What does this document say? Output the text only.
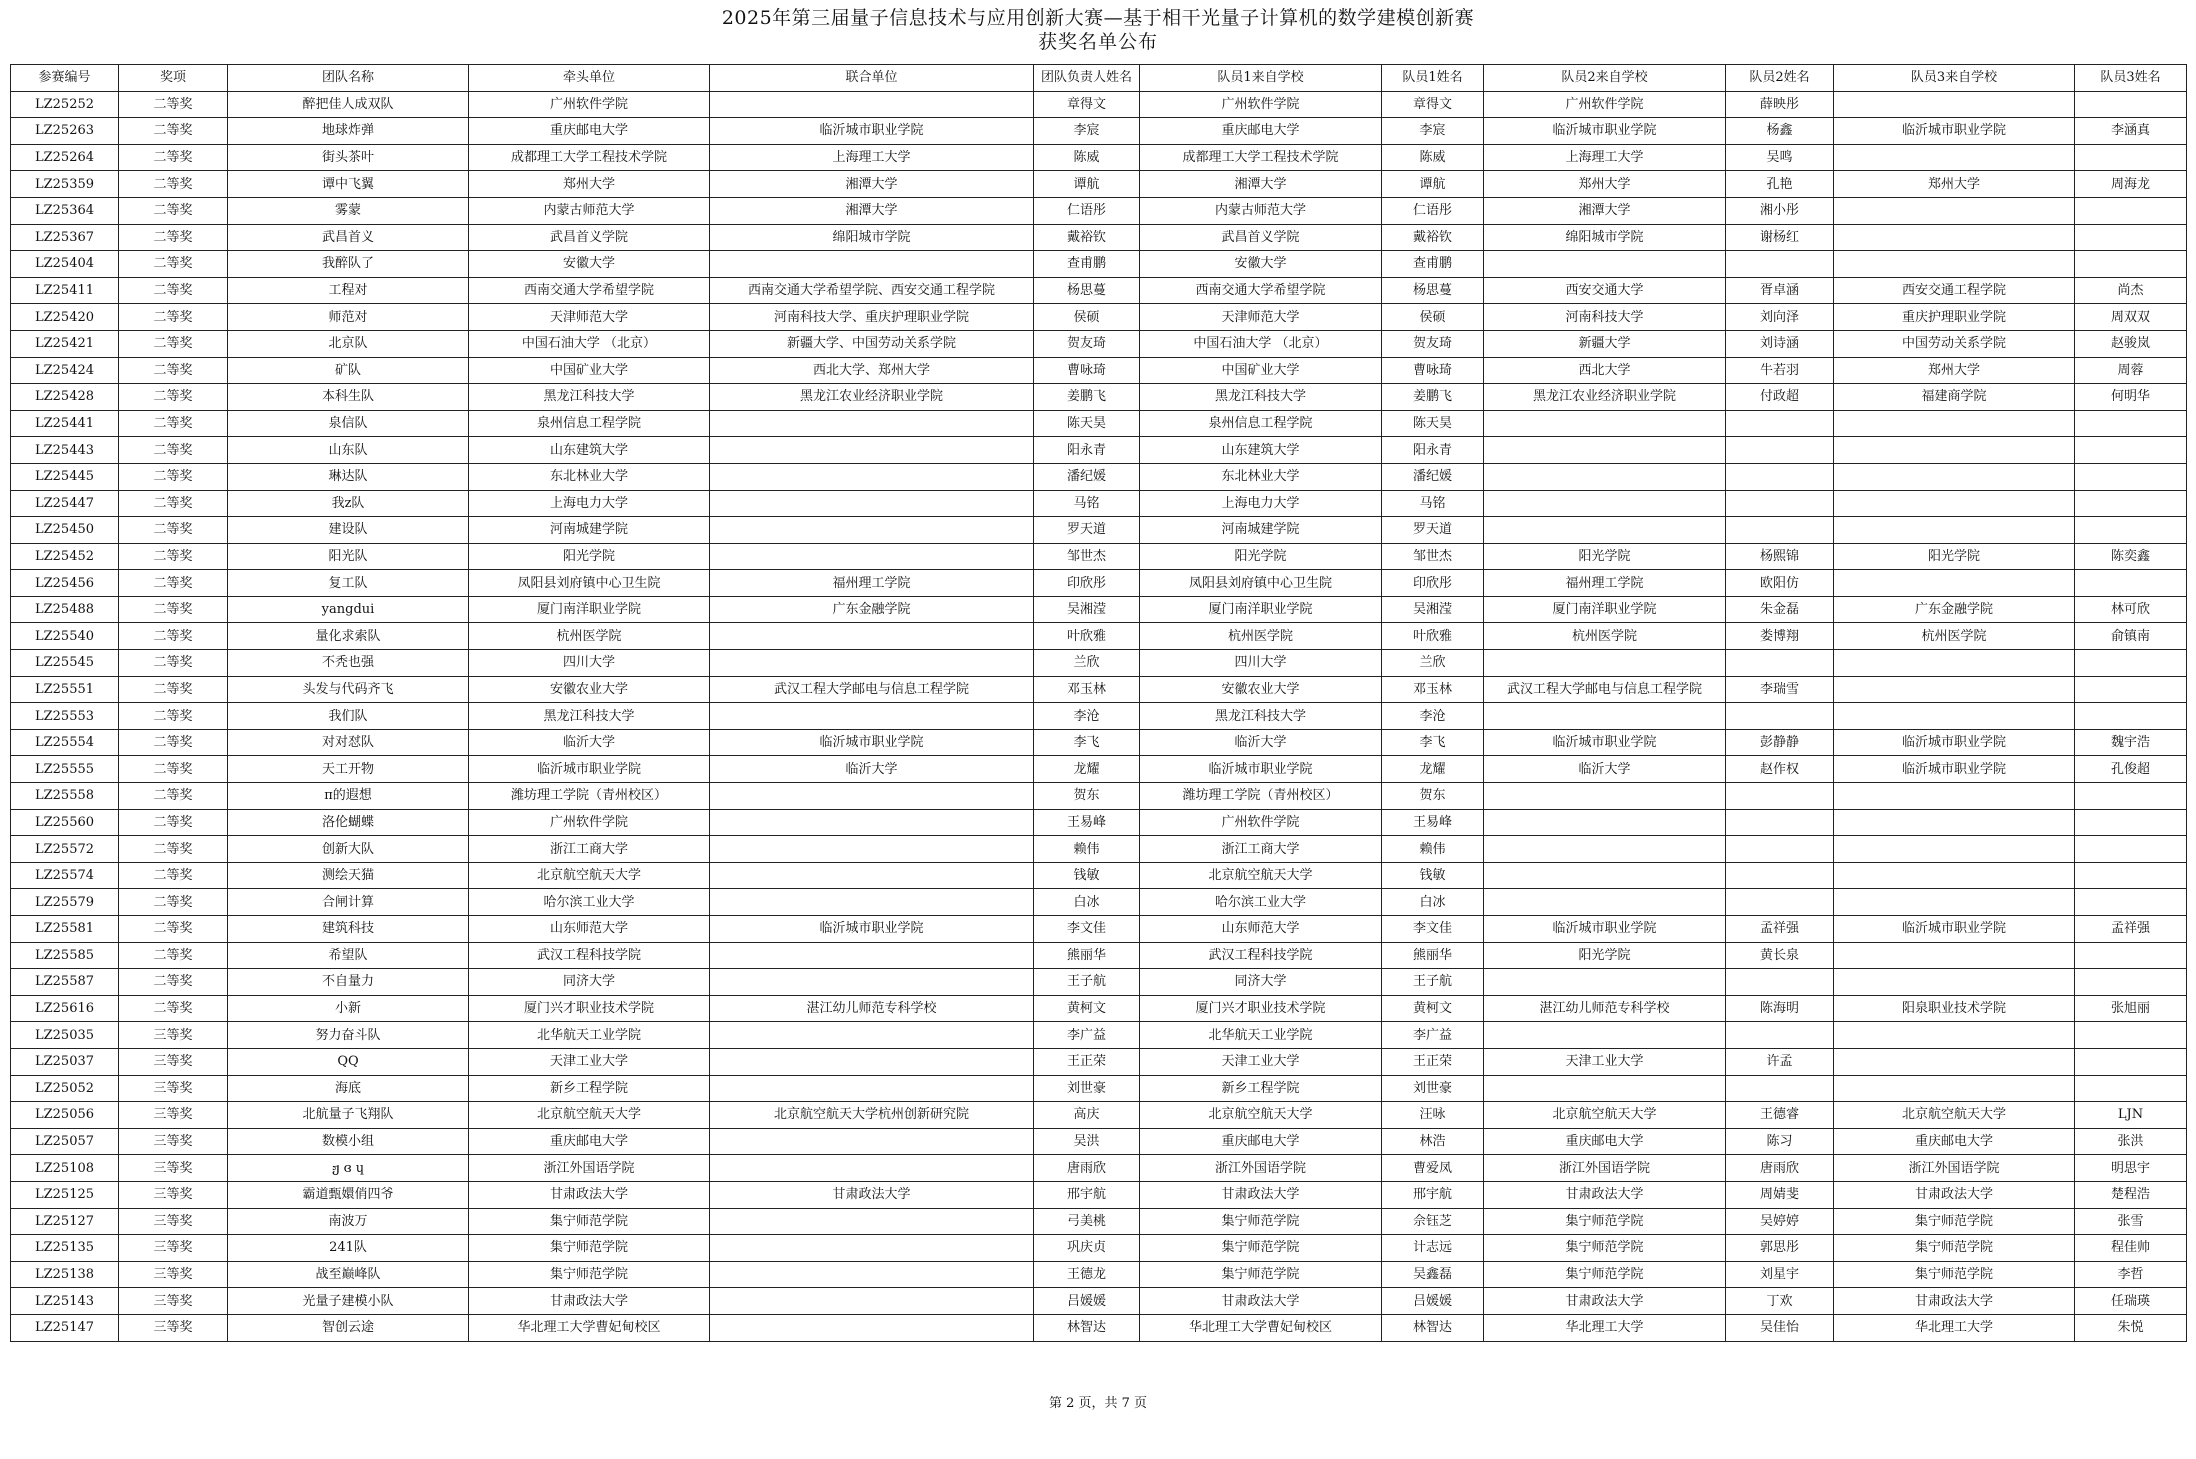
2025年第三届量子信息技术与应用创新大赛—基于相干光量子计算机的数学建模创新赛
获奖名单公布
参赛编号	奖项	团队名称	牵头单位	联合单位	团队负责人姓名	队员1来自学校	队员1姓名	队员2来自学校	队员2姓名	队员3来自学校	队员3姓名
LZ25252	二等奖	醉把佳人成双队	广州软件学院		章得文	广州软件学院	章得文	广州软件学院	薛映彤		
LZ25263	二等奖	地球炸弹	重庆邮电大学	临沂城市职业学院	李宸	重庆邮电大学	李宸	临沂城市职业学院	杨鑫	临沂城市职业学院	李涵真
LZ25264	二等奖	街头茶叶	成都理工大学工程技术学院	上海理工大学	陈威	成都理工大学工程技术学院	陈威	上海理工大学	吴鸣		
LZ25359	二等奖	谭中飞翼	郑州大学	湘潭大学	谭航	湘潭大学	谭航	郑州大学	孔艳	郑州大学	周海龙
LZ25364	二等奖	雾蒙	内蒙古师范大学	湘潭大学	仁语彤	内蒙古师范大学	仁语彤	湘潭大学	湘小彤		
LZ25367	二等奖	武昌首义	武昌首义学院	绵阳城市学院	戴裕钦	武昌首义学院	戴裕钦	绵阳城市学院	谢杨红		
LZ25404	二等奖	我醉队了	安徽大学		查甫鹏	安徽大学	查甫鹏				
LZ25411	二等奖	工程对	西南交通大学希望学院	西南交通大学希望学院、西安交通工程学院	杨思蔓	西南交通大学希望学院	杨思蔓	西安交通大学	胥卓涵	西安交通工程学院	尚杰
LZ25420	二等奖	师范对	天津师范大学	河南科技大学、重庆护理职业学院	侯硕	天津师范大学	侯硕	河南科技大学	刘向泽	重庆护理职业学院	周双双
LZ25421	二等奖	北京队	中国石油大学 （北京）	新疆大学、中国劳动关系学院	贺友琦	中国石油大学 （北京）	贺友琦	新疆大学	刘诗涵	中国劳动关系学院	赵骏岚
LZ25424	二等奖	矿队	中国矿业大学	西北大学、郑州大学	曹咏琦	中国矿业大学	曹咏琦	西北大学	牛若羽	郑州大学	周蓉
LZ25428	二等奖	本科生队	黑龙江科技大学	黑龙江农业经济职业学院	姜鹏飞	黑龙江科技大学	姜鹏飞	黑龙江农业经济职业学院	付政超	福建商学院	何明华
LZ25441	二等奖	泉信队	泉州信息工程学院		陈天昊	泉州信息工程学院	陈天昊				
LZ25443	二等奖	山东队	山东建筑大学		阳永青	山东建筑大学	阳永青				
LZ25445	二等奖	琳达队	东北林业大学		潘纪媛	东北林业大学	潘纪媛				
LZ25447	二等奖	我z队	上海电力大学		马铭	上海电力大学	马铭				
LZ25450	二等奖	建设队	河南城建学院		罗天道	河南城建学院	罗天道				
LZ25452	二等奖	阳光队	阳光学院		邹世杰	阳光学院	邹世杰	阳光学院	杨熙锦	阳光学院	陈奕鑫
LZ25456	二等奖	复工队	凤阳县刘府镇中心卫生院	福州理工学院	印欣彤	凤阳县刘府镇中心卫生院	印欣彤	福州理工学院	欧阳仿		
LZ25488	二等奖	yangdui	厦门南洋职业学院	广东金融学院	吴湘滢	厦门南洋职业学院	吴湘滢	厦门南洋职业学院	朱金磊	广东金融学院	林可欣
LZ25540	二等奖	量化求索队	杭州医学院		叶欣雅	杭州医学院	叶欣雅	杭州医学院	娄博翔	杭州医学院	俞镇南
LZ25545	二等奖	不秃也强	四川大学		兰欣	四川大学	兰欣				
LZ25551	二等奖	头发与代码齐飞	安徽农业大学	武汉工程大学邮电与信息工程学院	邓玉林	安徽农业大学	邓玉林	武汉工程大学邮电与信息工程学院	李瑞雪		
LZ25553	二等奖	我们队	黑龙江科技大学		李沧	黑龙江科技大学	李沧				
LZ25554	二等奖	对对怼队	临沂大学	临沂城市职业学院	李飞	临沂大学	李飞	临沂城市职业学院	彭静静	临沂城市职业学院	魏宇浩
LZ25555	二等奖	天工开物	临沂城市职业学院	临沂大学	龙耀	临沂城市职业学院	龙耀	临沂大学	赵作权	临沂城市职业学院	孔俊超
LZ25558	二等奖	π的遐想	潍坊理工学院（青州校区）		贺东	潍坊理工学院（青州校区）	贺东				
LZ25560	二等奖	洛伦蝴蝶	广州软件学院		王易峰	广州软件学院	王易峰				
LZ25572	二等奖	创新大队	浙江工商大学		赖伟	浙江工商大学	赖伟				
LZ25574	二等奖	测绘天猫	北京航空航天大学		钱敏	北京航空航天大学	钱敏				
LZ25579	二等奖	合闸计算	哈尔滨工业大学		白冰	哈尔滨工业大学	白冰				
LZ25581	二等奖	建筑科技	山东师范大学	临沂城市职业学院	李文佳	山东师范大学	李文佳	临沂城市职业学院	孟祥强	临沂城市职业学院	孟祥强
LZ25585	二等奖	希望队	武汉工程科技学院		熊丽华	武汉工程科技学院	熊丽华	阳光学院	黄长泉		
LZ25587	二等奖	不自量力	同济大学		王子航	同济大学	王子航				
LZ25616	二等奖	小新	厦门兴才职业技术学院	湛江幼儿师范专科学校	黄柯文	厦门兴才职业技术学院	黄柯文	湛江幼儿师范专科学校	陈海明	阳泉职业技术学院	张旭丽
LZ25035	三等奖	努力奋斗队	北华航天工业学院		李广益	北华航天工业学院	李广益				
LZ25037	三等奖	QQ	天津工业大学		王正荣	天津工业大学	王正荣	天津工业大学	许孟		
LZ25052	三等奖	海底	新乡工程学院		刘世豪	新乡工程学院	刘世豪				
LZ25056	三等奖	北航量子飞翔队	北京航空航天大学	北京航空航天大学杭州创新研究院	高庆	北京航空航天大学	汪咏	北京航空航天大学	王德睿	北京航空航天大学	LJN
LZ25057	三等奖	数模小组	重庆邮电大学		吴洪	重庆邮电大学	林浩	重庆邮电大学	陈习	重庆邮电大学	张洪
LZ25108	三等奖	ჟ ɞ ɥ	浙江外国语学院		唐雨欣	浙江外国语学院	曹爱凤	浙江外国语学院	唐雨欣	浙江外国语学院	明思宇
LZ25125	三等奖	霸道甄嬛俏四爷	甘肃政法大学	甘肃政法大学	邢宇航	甘肃政法大学	邢宇航	甘肃政法大学	周婧斐	甘肃政法大学	楚程浩
LZ25127	三等奖	南波万	集宁师范学院		弓美桃	集宁师范学院	佘钰芝	集宁师范学院	吴婷婷	集宁师范学院	张雪
LZ25135	三等奖	241队	集宁师范学院		巩庆贞	集宁师范学院	计志远	集宁师范学院	郭思彤	集宁师范学院	程佳帅
LZ25138	三等奖	战至巅峰队	集宁师范学院		王德龙	集宁师范学院	吴鑫磊	集宁师范学院	刘星宇	集宁师范学院	李哲
LZ25143	三等奖	光量子建模小队	甘肃政法大学		吕媛媛	甘肃政法大学	吕媛媛	甘肃政法大学	丁欢	甘肃政法大学	任瑞瑛
LZ25147	三等奖	智创云途	华北理工大学曹妃甸校区		林智达	华北理工大学曹妃甸校区	林智达	华北理工大学	吴佳怡	华北理工大学	朱悦
第 2 页，共 7 页
